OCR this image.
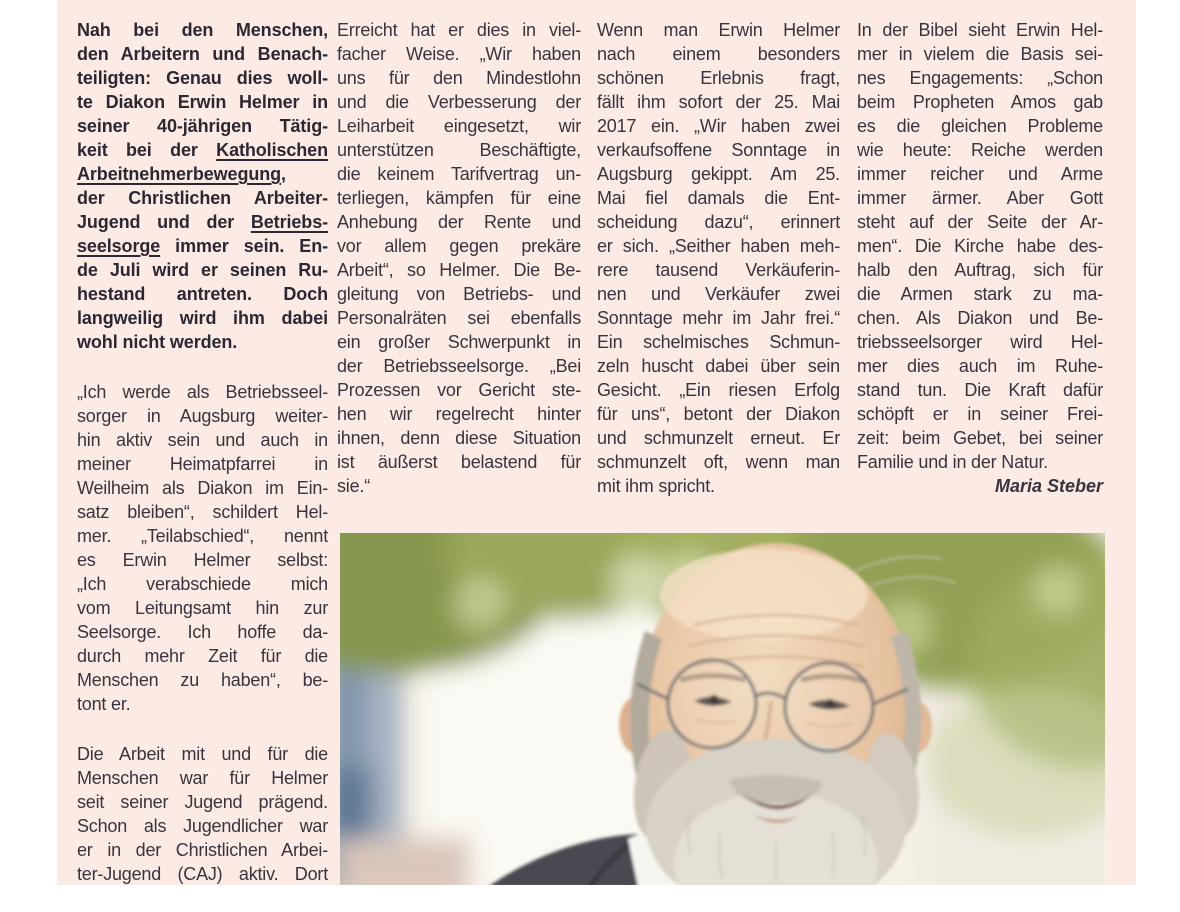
Nah bei den Menschen,
den Arbeitern und Benach-
teiligten: Genau dies woll-
te Diakon Erwin Helmer in
seiner 40-jährigen Tätig-
keit bei der Katholischen
Arbeitnehmerbewegung,
der Christlichen Arbeiter-
Jugend und der Betriebs-
seelsorge immer sein. En-
de Juli wird er seinen Ru-
hestand antreten. Doch
langweilig wird ihm dabei
wohl nicht werden.
„Ich werde als Betriebsseel-
sorger in Augsburg weiter-
hin aktiv sein und auch in
meiner Heimatpfarrei in
Weilheim als Diakon im Ein-
satz bleiben“, schildert Hel-
mer. „Teilabschied“, nennt
es Erwin Helmer selbst:
„Ich verabschiede mich
vom Leitungsamt hin zur
Seelsorge. Ich hoffe da-
durch mehr Zeit für die
Menschen zu haben“, be-
tont er.
Die Arbeit mit und für die
Menschen war für Helmer
seit seiner Jugend prägend.
Schon als Jugendlicher war
er in der Christlichen Arbei-
ter-Jugend (CAJ) aktiv. Dort
Erreicht hat er dies in viel-
facher Weise. „Wir haben
uns für den Mindestlohn
und die Verbesserung der
Leiharbeit eingesetzt, wir
unterstützen Beschäftigte,
die keinem Tarifvertrag un-
terliegen, kämpfen für eine
Anhebung der Rente und
vor allem gegen prekäre
Arbeit“, so Helmer. Die Be-
gleitung von Betriebs- und
Personalräten sei ebenfalls
ein großer Schwerpunkt in
der Betriebsseelsorge. „Bei
Prozessen vor Gericht ste-
hen wir regelrecht hinter
ihnen, denn diese Situation
ist äußerst belastend für
sie.“
Wenn man Erwin Helmer
nach einem besonders
schönen Erlebnis fragt,
fällt ihm sofort der 25. Mai
2017 ein. „Wir haben zwei
verkaufsoffene Sonntage in
Augsburg gekippt. Am 25.
Mai fiel damals die Ent-
scheidung dazu“, erinnert
er sich. „Seither haben meh-
rere tausend Verkäuferin-
nen und Verkäufer zwei
Sonntage mehr im Jahr frei.“
Ein schelmisches Schmun-
zeln huscht dabei über sein
Gesicht. „Ein riesen Erfolg
für uns“, betont der Diakon
und schmunzelt erneut. Er
schmunzelt oft, wenn man
mit ihm spricht.
In der Bibel sieht Erwin Hel-
mer in vielem die Basis sei-
nes Engagements: „Schon
beim Propheten Amos gab
es die gleichen Probleme
wie heute: Reiche werden
immer reicher und Arme
immer ärmer. Aber Gott
steht auf der Seite der Ar-
men“. Die Kirche habe des-
halb den Auftrag, sich für
die Armen stark zu ma-
chen. Als Diakon und Be-
triebsseelsorger wird Hel-
mer dies auch im Ruhe-
stand tun. Die Kraft dafür
schöpft er in seiner Frei-
zeit: beim Gebet, bei seiner
Familie und in der Natur.
Maria Steber
